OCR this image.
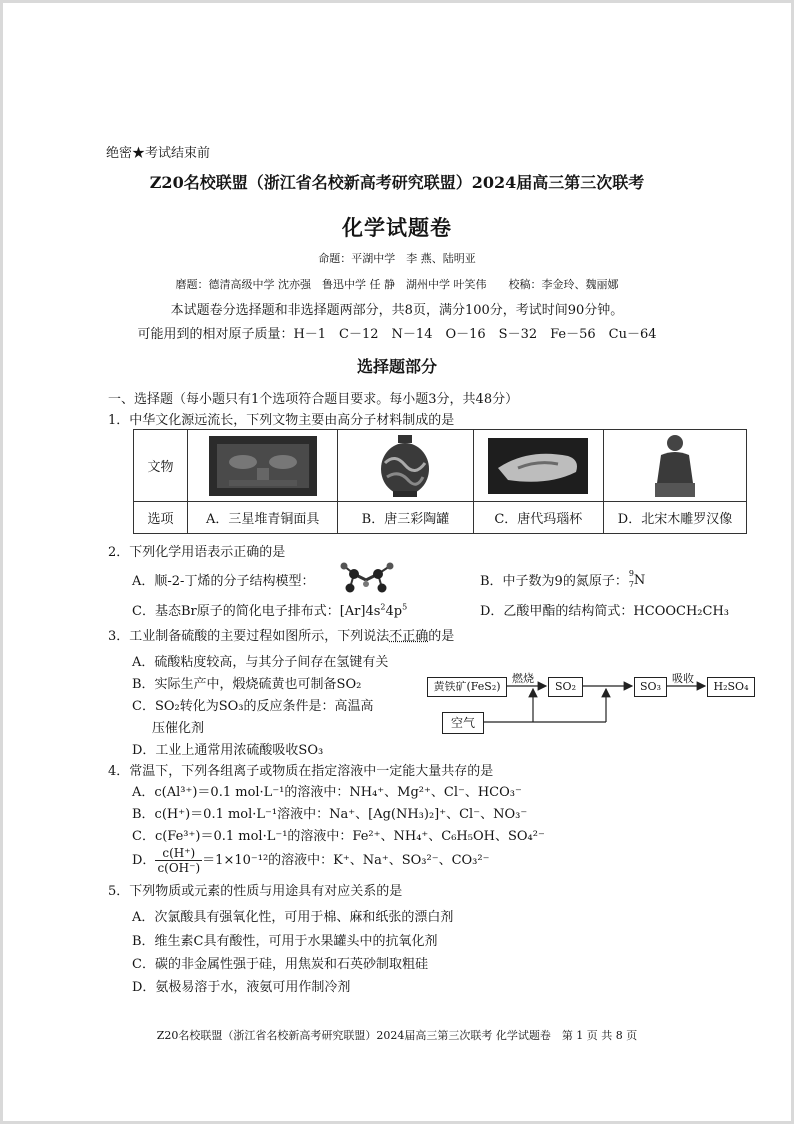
绝密★考试结束前
Z20名校联盟（浙江省名校新高考研究联盟）2024届高三第三次联考
化学试题卷
命题：平湖中学　李 燕、陆明亚
磨题：德清高级中学 沈亦强　鲁迅中学 任 静　湖州中学 叶笑伟　　校稿：李金玲、魏丽娜
本试题卷分选择题和非选择题两部分，共8页，满分100分，考试时间90分钟。
可能用到的相对原子质量：H－1　C－12　N－14　O－16　S－32　Fe－56　Cu－64
选择题部分
一、选择题（每小题只有1个选项符合题目要求。每小题3分，共48分）
1．中华文化源远流长，下列文物主要由高分子材料制成的是
文物	

选项	A．三星堆青铜面具	B．唐三彩陶罐	C．唐代玛瑙杯	D．北宋木雕罗汉像
2．下列化学用语表示正确的是
A．顺-2-丁烯的分子结构模型：	B．中子数为9的氮原子：
9
7 N
C．基态Br原子的简化电子排布式：$[Ar]4s^24p^5$	D．乙酸甲酯的结构简式：HCOOCH₂CH₃
3．工业制备硫酸的主要过程如图所示，下列说法不正确的是
A．硫酸粘度较高，与其分子间存在氢键有关
B．实际生产中，煅烧硫黄也可制备SO₂
C．SO₂转化为SO₃的反应条件是：高温高
压催化剂
D．工业上通常用浓硫酸吸收SO₃
黄铁矿(FeS₂)
燃烧
SO₂	SO₃
吸收
H₂SO₄
空气
4．常温下，下列各组离子或物质在指定溶液中一定能大量共存的是
A．c(Al³⁺)＝0.1 mol·L⁻¹的溶液中：NH₄⁺、Mg²⁺、Cl⁻、HCO₃⁻
B．c(H⁺)＝0.1 mol·L⁻¹溶液中：Na⁺、[Ag(NH₃)₂]⁺、Cl⁻、NO₃⁻
C．c(Fe³⁺)＝0.1 mol·L⁻¹的溶液中：Fe²⁺、NH₄⁺、C₆H₅OH、SO₄²⁻
D． $\frac{c(H^+)}{c(OH^-)} =1\times 10^{-12}$的溶液中：K⁺、Na⁺、SO₃²⁻、CO₃²⁻
5．下列物质或元素的性质与用途具有对应关系的是
A．次氯酸具有强氧化性，可用于棉、麻和纸张的漂白剂
B．维生素C具有酸性，可用于水果罐头中的抗氧化剂
C．碳的非金属性强于硅，用焦炭和石英砂制取粗硅
D．氨极易溶于水，液氨可用作制冷剂
Z20名校联盟（浙江省名校新高考研究联盟）2024届高三第三次联考 化学试题卷　第 1 页 共 8 页
